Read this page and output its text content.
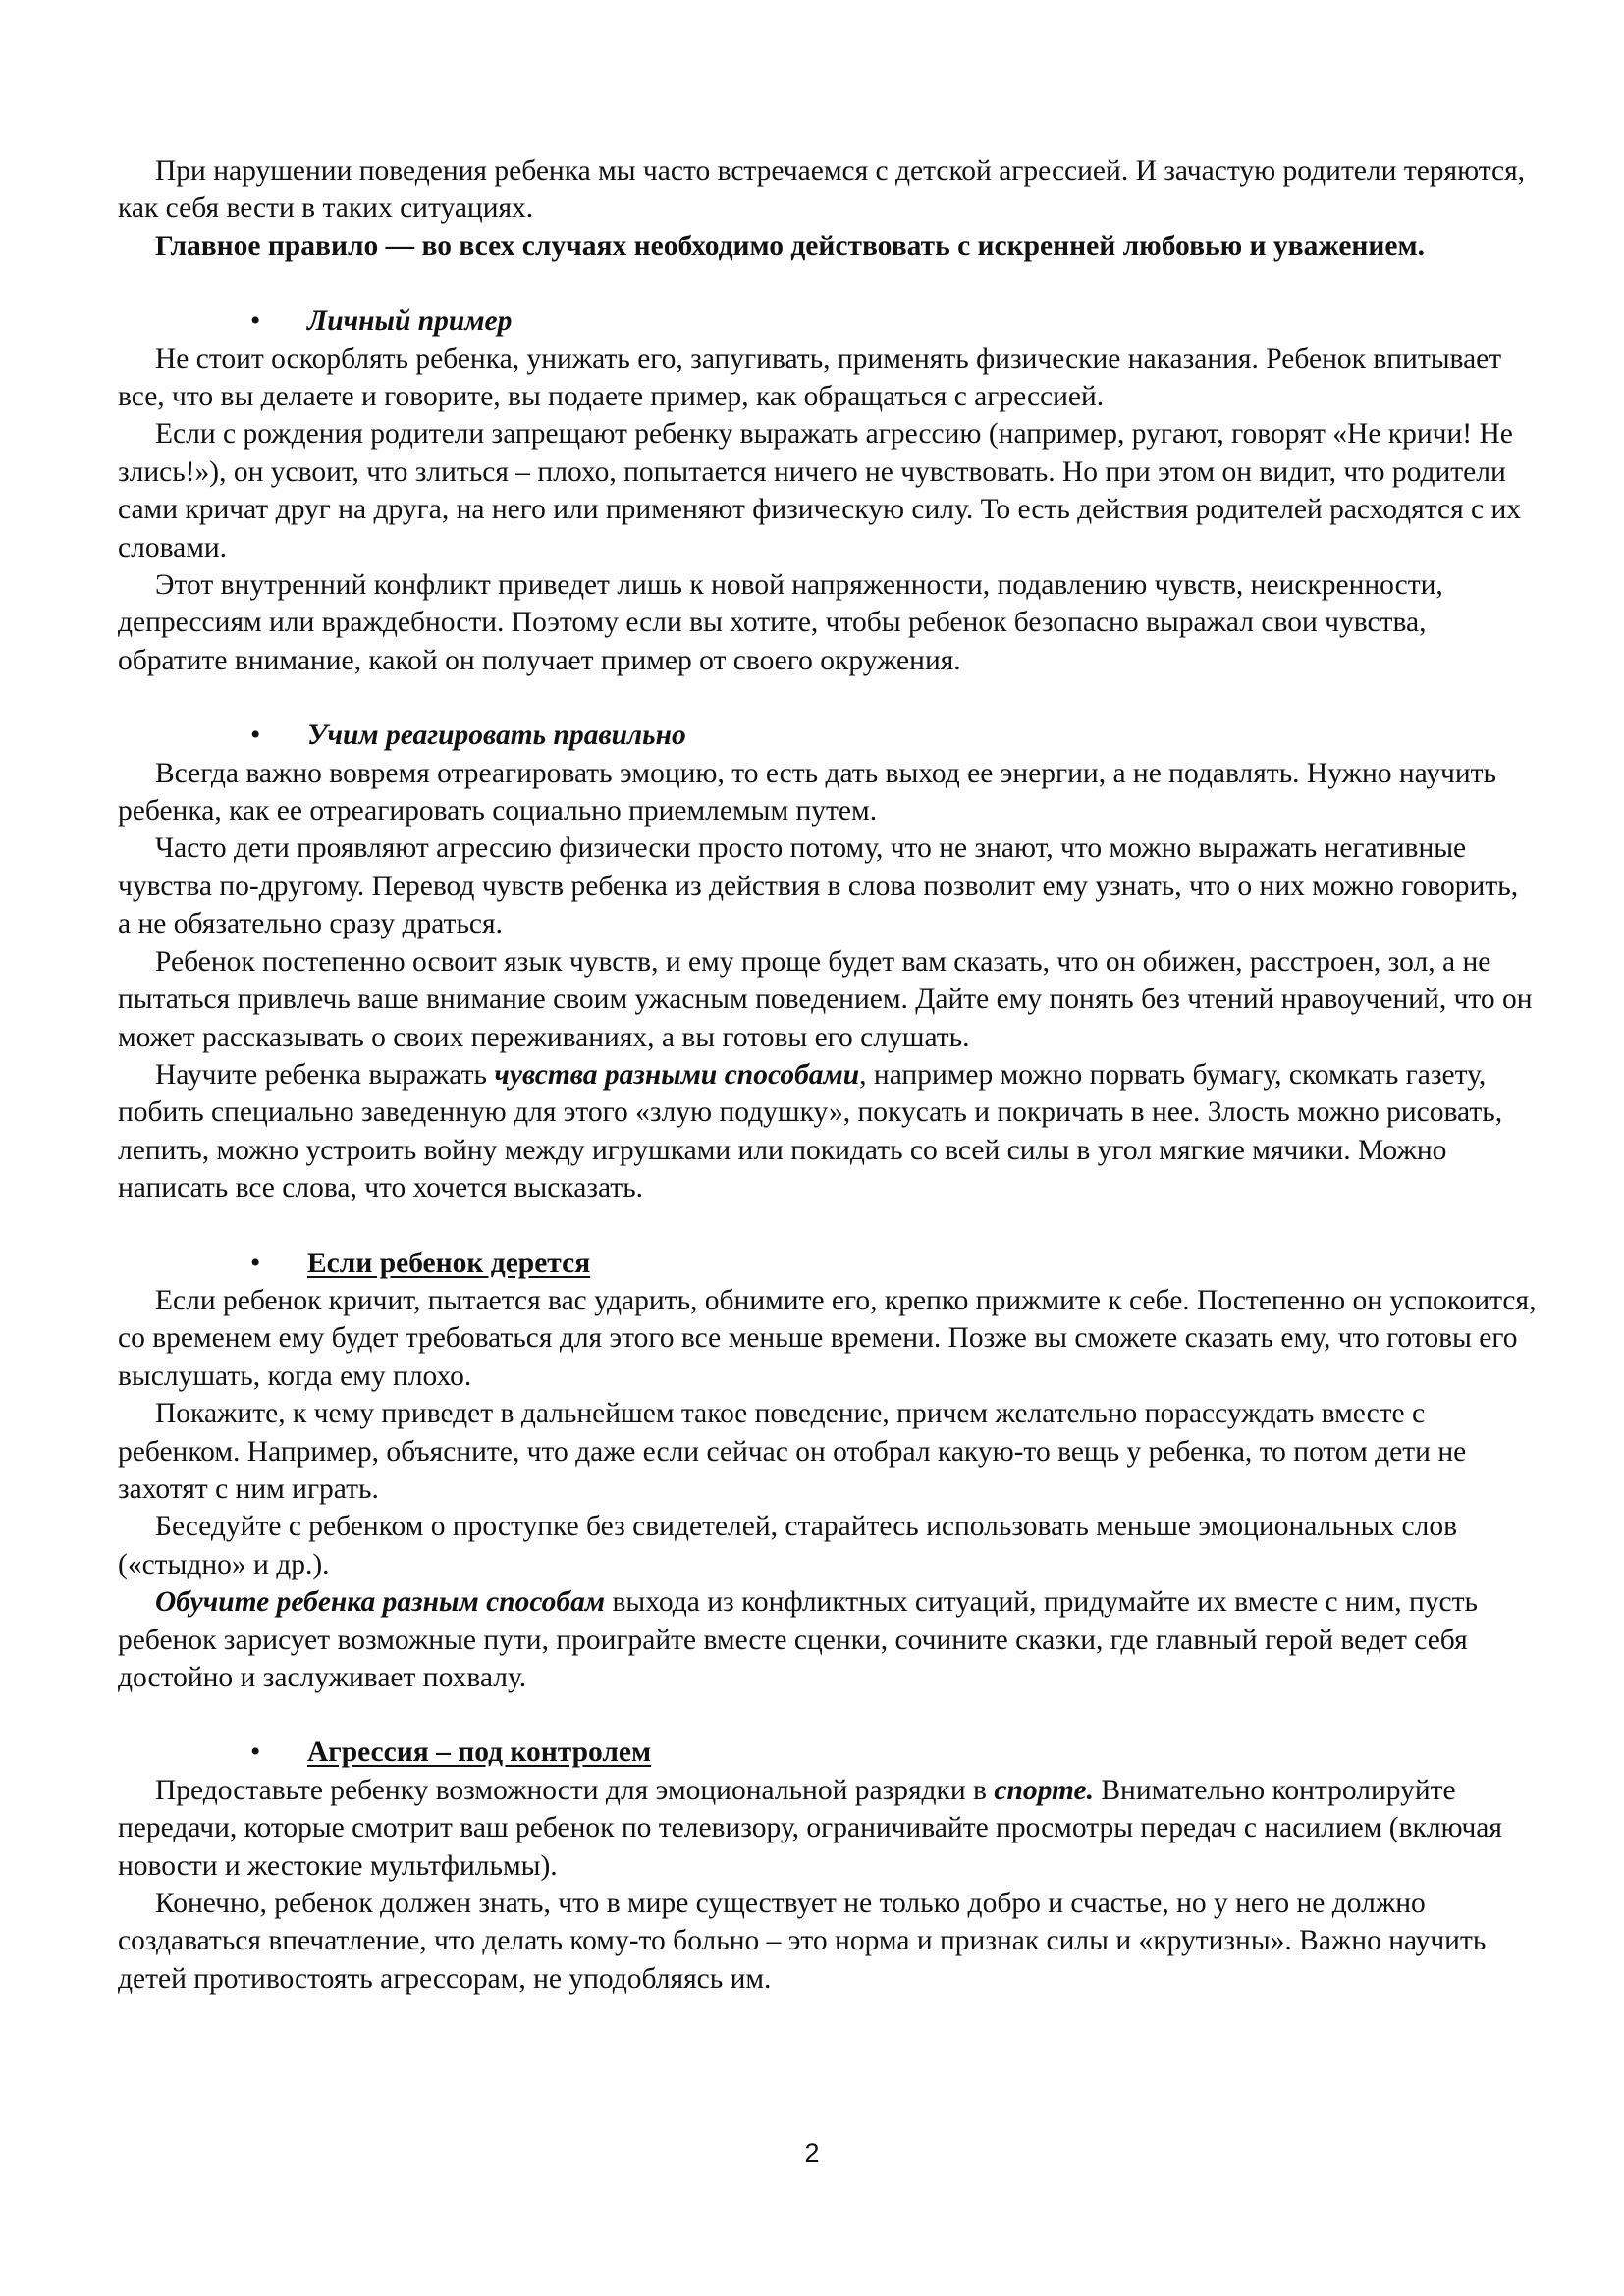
При нарушении поведения ребенка мы часто встречаемся с детской агрессией. И зачастую родители теряются, как себя вести в таких ситуациях.

Главное правило — во всех случаях необходимо действовать с искренней любовью и уважением.

• Личный пример

Не стоит оскорблять ребенка, унижать его, запугивать, применять физические наказания. Ребенок впитывает все, что вы делаете и говорите, вы подаете пример, как обращаться с агрессией.

Если с рождения родители запрещают ребенку выражать агрессию (например, ругают, говорят «Не кричи! Не злись!»), он усвоит, что злиться – плохо, попытается ничего не чувствовать. Но при этом он видит, что родители сами кричат друг на друга, на него или применяют физическую силу. То есть действия родителей расходятся с их словами.

Этот внутренний конфликт приведет лишь к новой напряженности, подавлению чувств, неискренности, депрессиям или враждебности. Поэтому если вы хотите, чтобы ребенок безопасно выражал свои чувства, обратите внимание, какой он получает пример от своего окружения.

• Учим реагировать правильно

Всегда важно вовремя отреагировать эмоцию, то есть дать выход ее энергии, а не подавлять. Нужно научить ребенка, как ее отреагировать социально приемлемым путем.

Часто дети проявляют агрессию физически просто потому, что не знают, что можно выражать негативные чувства по-другому. Перевод чувств ребенка из действия в слова позволит ему узнать, что о них можно говорить, а не обязательно сразу драться.

Ребенок постепенно освоит язык чувств, и ему проще будет вам сказать, что он обижен, расстроен, зол, а не пытаться привлечь ваше внимание своим ужасным поведением. Дайте ему понять без чтений нравоучений, что он может рассказывать о своих переживаниях, а вы готовы его слушать.

Научите ребенка выражать чувства разными способами, например можно порвать бумагу, скомкать газету, побить специально заведенную для этого «злую подушку», покусать и покричать в нее. Злость можно рисовать, лепить, можно устроить войну между игрушками или покидать со всей силы в угол мягкие мячики. Можно написать все слова, что хочется высказать.

• Если ребенок дерется

Если ребенок кричит, пытается вас ударить, обнимите его, крепко прижмите к себе. Постепенно он успокоится, со временем ему будет требоваться для этого все меньше времени. Позже вы сможете сказать ему, что готовы его выслушать, когда ему плохо.

Покажите, к чему приведет в дальнейшем такое поведение, причем желательно порассуждать вместе с ребенком. Например, объясните, что даже если сейчас он отобрал какую-то вещь у ребенка, то потом дети не захотят с ним играть.

Беседуйте с ребенком о проступке без свидетелей, старайтесь использовать меньше эмоциональных слов («стыдно» и др.).

Обучите ребенка разным способам выхода из конфликтных ситуаций, придумайте их вместе с ним, пусть ребенок зарисует возможные пути, проиграйте вместе сценки, сочините сказки, где главный герой ведет себя достойно и заслуживает похвалу.

• Агрессия – под контролем

Предоставьте ребенку возможности для эмоциональной разрядки в спорте. Внимательно контролируйте передачи, которые смотрит ваш ребенок по телевизору, ограничивайте просмотры передач с насилием (включая новости и жестокие мультфильмы).

Конечно, ребенок должен знать, что в мире существует не только добро и счастье, но у него не должно создаваться впечатление, что делать кому-то больно – это норма и признак силы и «крутизны». Важно научить детей противостоять агрессорам, не уподобляясь им.

2
